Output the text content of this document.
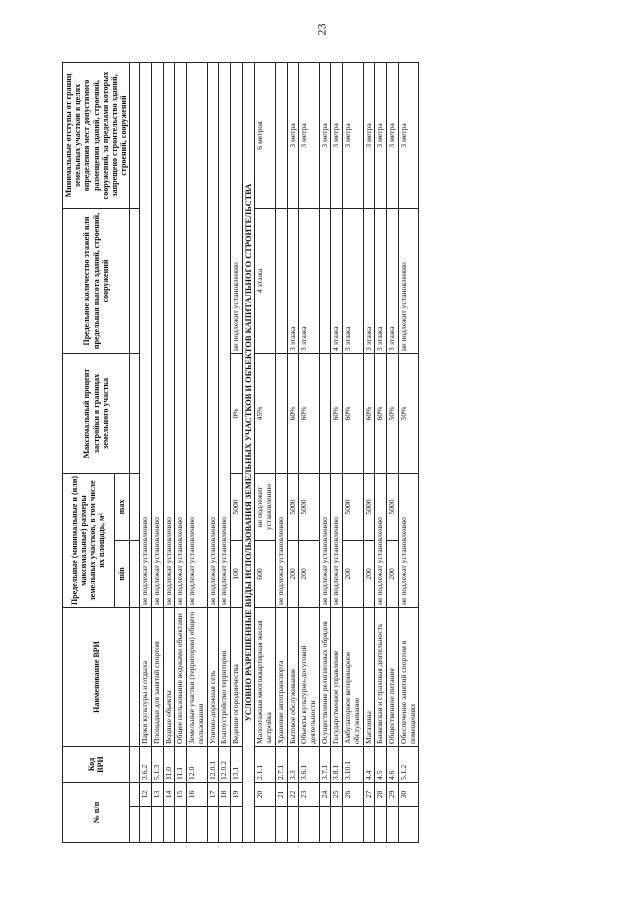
23
№ п/п		Код ВРИ	Наименование ВРИ	Предельные (минимальные и (или) максимальные) размеры земельных участков, в том числе их площадь, м²		Максимальный процент застройки в границах земельного участка	Предельное количество этажей или предельная высота зданий, строений, сооружений	Минимальные отступы от границ земельных участков в целях определения мест допустимого размещения зданий, строений, сооружений, за пределами которых запрещено строительство зданий, строений, сооружений
				min	max			

	12	3.6.2	Парки культуры и отдыха	не подлежат установлению				
	13	5.1.3	Площадки для занятий спортом	не подлежат установлению				
	14	11.0	Водные объекты	не подлежат установлению				
	15	11.1	Общее пользование водными объектами	не подлежат установлению				
	16	12.0	Земельные участки (территории) общего пользования	не подлежат установлению				
	17	12.0.1	Улично-дорожная сеть	не подлежат установлению				
	18	12.0.2	Благоустройство территории	не подлежат установлению				
	19	13.1	Ведение огородничества	100	5000	0%	не подлежит установлению	
УСЛОВНО РАЗРЕШЕННЫЕ ВИДЫ ИСПОЛЬЗОВАНИЯ ЗЕМЕЛЬНЫХ УЧАСТКОВ И ОБЪЕКТОВ КАПИТАЛЬНОГО СТРОИТЕЛЬСТВА								
	20	2.1.1	Малоэтажная многоквартирная жилая застройка	600	не подлежит установлению	45%	4 этажа	6 метров
	21	2.7.1	Хранение автотранспорта	не подлежат установлению				
	22	3.3	Бытовое обслуживание	200	5000	60%	3 этажа	3 метра
	23	3.6.1	Объекты культурно-досуговой деятельности	200	5000	60%	3 этажа	3 метра
	24	3.7.1	Осуществление религиозных обрядов	не подлежат установлению				3 метра
	25	3.8.1	Государственное управление	не подлежат установлению		60%	4 этажа	3 метра
	26	3.10.1	Амбулаторное ветеринарное обслуживание	200	5000	60%	3 этажа	3 метра
	27	4.4	Магазины	200	5000	60%	3 этажа	3 метра
	28	4.5	Банковская и страховая деятельность	не подлежат установлению		60%	3 этажа	3 метра
	29	4.6	Общественное питание	200	5000	50%	3 этажа	3 метра
	30	5.1.2	Обеспечение занятий спортом в помещениях	не подлежат установлению		50%	не подлежит установлению	3 метра
